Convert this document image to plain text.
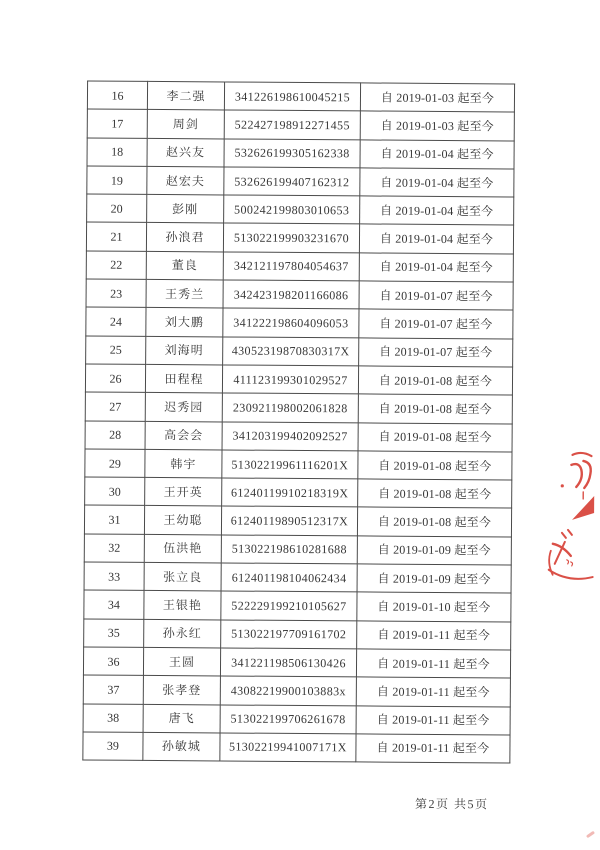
16	李二强	341226198610045215	自 2019-01-03 起至今
17	周剑	522427198912271455	自 2019-01-03 起至今
18	赵兴友	532626199305162338	自 2019-01-04 起至今
19	赵宏夫	532626199407162312	自 2019-01-04 起至今
20	彭刚	500242199803010653	自 2019-01-04 起至今
21	孙浪君	513022199903231670	自 2019-01-04 起至今
22	董良	342121197804054637	自 2019-01-04 起至今
23	王秀兰	342423198201166086	自 2019-01-07 起至今
24	刘大鹏	341222198604096053	自 2019-01-07 起至今
25	刘海明	43052319870830317X	自 2019-01-07 起至今
26	田程程	411123199301029527	自 2019-01-08 起至今
27	迟秀园	230921198002061828	自 2019-01-08 起至今
28	高会会	341203199402092527	自 2019-01-08 起至今
29	韩宇	51302219961116201X	自 2019-01-08 起至今
30	王开英	61240119910218319X	自 2019-01-08 起至今
31	王幼聪	61240119890512317X	自 2019-01-08 起至今
32	伍洪艳	513022198610281688	自 2019-01-09 起至今
33	张立良	612401198104062434	自 2019-01-09 起至今
34	王银艳	522229199210105627	自 2019-01-10 起至今
35	孙永红	513022197709161702	自 2019-01-11 起至今
36	王圆	341221198506130426	自 2019-01-11 起至今
37	张孝登	43082219900103883x	自 2019-01-11 起至今
38	唐飞	513022199706261678	自 2019-01-11 起至今
39	孙敏城	51302219941007171X	自 2019-01-11 起至今
第2页 共5页
